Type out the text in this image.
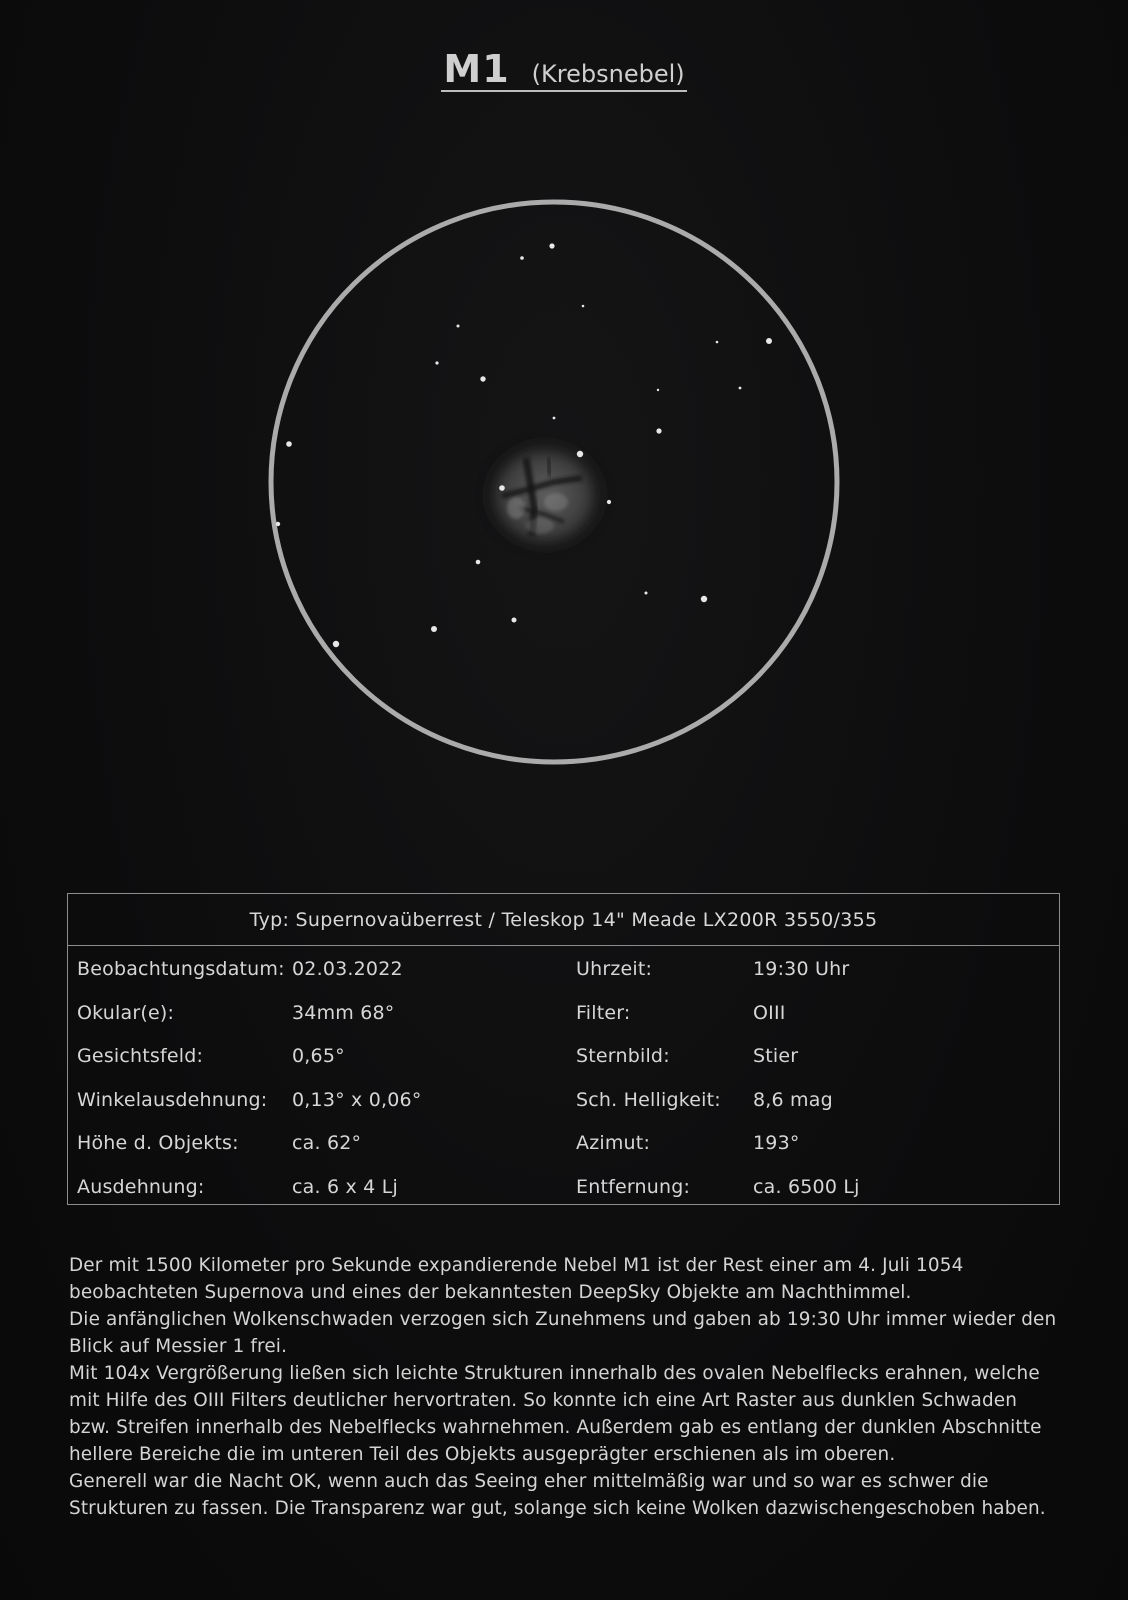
M1 (Krebsnebel)
Typ: Supernovaüberrest / Teleskop 14" Meade LX200R 3550/355
Beobachtungsdatum: 02.03.2022	Uhrzeit:	19:30 Uhr
Okular(e):	34mm 68°	Filter:	OIII
Gesichtsfeld:	0,65°	Sternbild:	Stier
Winkelausdehnung: 0,13° x 0,06°	Sch. Helligkeit: 8,6 mag
Höhe d. Objekts:	ca. 62°	Azimut:	193°
Ausdehnung:	ca. 6 x 4 Lj	Entfernung:	ca. 6500 Lj

Der mit 1500 Kilometer pro Sekunde expandierende Nebel M1 ist der Rest einer am 4. Juli 1054

beobachteten Supernova und eines der bekanntesten DeepSky Objekte am Nachthimmel.

Die anfänglichen Wolkenschwaden verzogen sich Zunehmens und gaben ab 19:30 Uhr immer wieder den

Blick auf Messier 1 frei.

Mit 104x Vergrößerung ließen sich leichte Strukturen innerhalb des ovalen Nebelflecks erahnen, welche

mit Hilfe des OIII Filters deutlicher hervortraten. So konnte ich eine Art Raster aus dunklen Schwaden

bzw. Streifen innerhalb des Nebelflecks wahrnehmen. Außerdem gab es entlang der dunklen Abschnitte

hellere Bereiche die im unteren Teil des Objekts ausgeprägter erschienen als im oberen.

Generell war die Nacht OK, wenn auch das Seeing eher mittelmäßig war und so war es schwer die

Strukturen zu fassen. Die Transparenz war gut, solange sich keine Wolken dazwischengeschoben haben.
